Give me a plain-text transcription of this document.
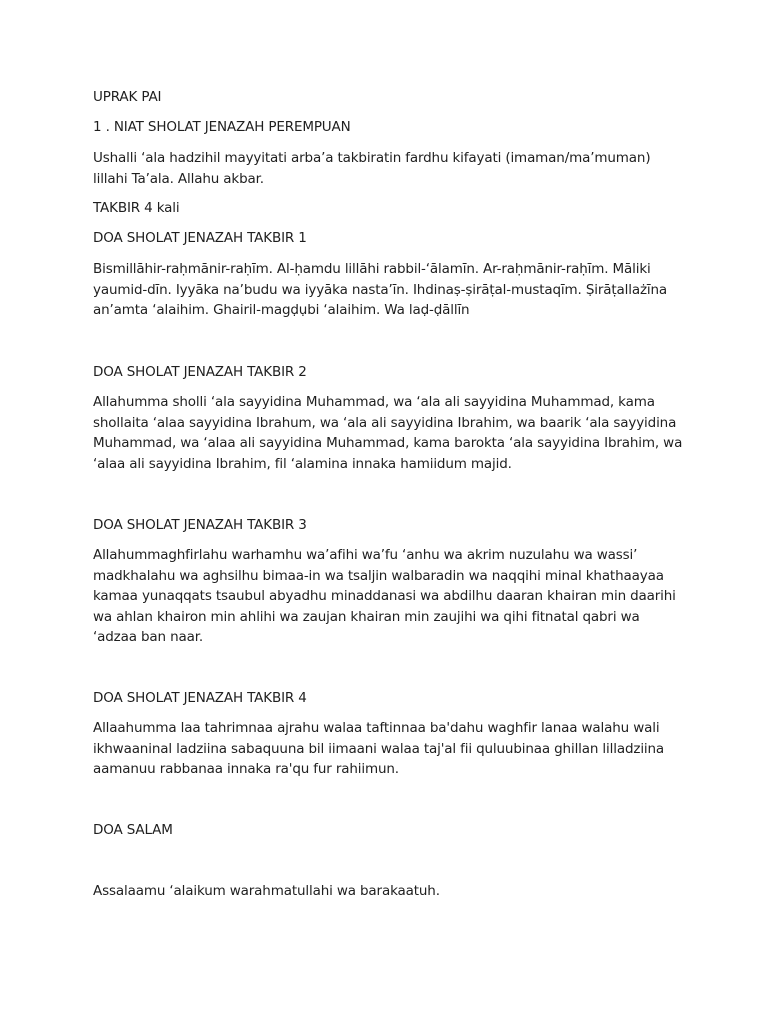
UPRAK PAI
1 . NIAT SHOLAT JENAZAH PEREMPUAN

Ushalli ‘ala hadzihil mayyitati arba’a takbiratin fardhu kifayati (imaman/ma’muman) lillahi Ta’ala. Allahu akbar.

TAKBIR 4 kali

DOA SHOLAT JENAZAH TAKBIR 1

Bismillāhir-raḥmānir-raḥīm. Al-ḥamdu lillāhi rabbil-‘ālamīn. Ar-raḥmānir-raḥīm. Māliki yaumid-dīn. Iyyāka na’budu wa iyyāka nasta’īn. Ihdinaṣ-ṣirāṭal-mustaqīm. Ṣirāṭallażīna an’amta ‘alaihim. Ghairil-magḍụbi ‘alaihim. Wa laḍ-ḍāllīn

DOA SHOLAT JENAZAH TAKBIR 2

Allahumma sholli ‘ala sayyidina Muhammad, wa ‘ala ali sayyidina Muhammad, kama shollaita ‘alaa sayyidina Ibrahum, wa ‘ala ali sayyidina Ibrahim, wa baarik ‘ala sayyidina Muhammad, wa ‘alaa ali sayyidina Muhammad, kama barokta ‘ala sayyidina Ibrahim, wa ‘alaa ali sayyidina Ibrahim, fil ‘alamina innaka hamiidum majid.

DOA SHOLAT JENAZAH TAKBIR 3

Allahummaghfirlahu warhamhu wa’afihi wa’fu ‘anhu wa akrim nuzulahu wa wassi’ madkhalahu wa aghsilhu bimaa-in wa tsaljin walbaradin wa naqqihi minal khathaayaa kamaa yunaqqats tsaubul abyadhu minaddanasi wa abdilhu daaran khairan min daarihi wa ahlan khairon min ahlihi wa zaujan khairan min zaujihi wa qihi fitnatal qabri wa ‘adzaa ban naar.

DOA SHOLAT JENAZAH TAKBIR 4

Allaahumma laa tahrimnaa ajrahu walaa taftinnaa ba'dahu waghfir lanaa walahu wali ikhwaaninal ladziina sabaquuna bil iimaani walaa taj'al fii quluubinaa ghillan lilladziina aamanuu rabbanaa innaka ra'qu fur rahiimun.

DOA SALAM

Assalaamu ‘alaikum warahmatullahi wa barakaatuh.
